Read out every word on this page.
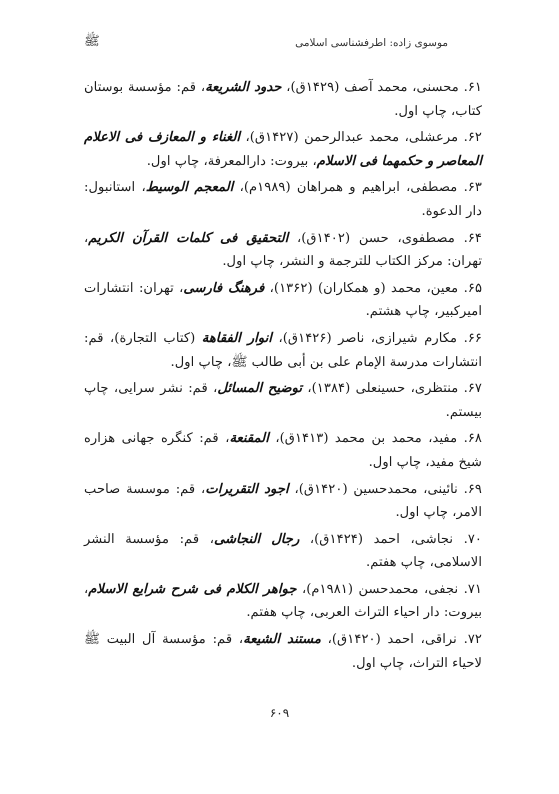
موسوی زاده: اطرفشناسی اسلامی
ﷺ

۶۱. محسنی، محمد آصف (۱۴۲۹ق)، حدود الشریعة، قم: مؤسسة بوستان کتاب، چاپ اول.

۶۲. مرعشلی، محمد عبدالرحمن (۱۴۲۷ق)، الغناء و المعازف فی الاعلام المعاصر و حکمهما فی الاسلام، بیروت: دارالمعرفة، چاپ اول.

۶۳. مصطفی، ابراهیم و همراهان (۱۹۸۹م)، المعجم الوسیط، استانبول: دار الدعوة.

۶۴. مصطفوی، حسن (۱۴۰۲ق)، التحقیق فی کلمات القرآن الکریم، تهران: مرکز الکتاب للترجمة و النشر، چاپ اول.

۶۵. معین، محمد (و همکاران) (۱۳۶۲)، فرهنگ فارسی، تهران: انتشارات امیرکبیر، چاپ هشتم.

۶۶. مکارم شیرازی، ناصر (۱۴۲۶ق)، انوار الفقاهة (کتاب التجارة)، قم: انتشارات مدرسة الإمام علی بن أبی طالب ﷺ، چاپ اول.

۶۷. منتظری، حسینعلی (۱۳۸۴)، توضیح المسائل، قم: نشر سرایی، چاپ بیستم.

۶۸. مفید، محمد بن محمد (۱۴۱۳ق)، المقنعة، قم: کنگره جهانی هزاره شیخ مفید، چاپ اول.

۶۹. نائینی، محمدحسین (۱۴۲۰ق)، اجود التقریرات، قم: موسسة صاحب الامر، چاپ اول.

۷۰. نجاشی، احمد (۱۴۲۴ق)، رجال النجاشی، قم: مؤسسة النشر الاسلامی، چاپ هفتم.

۷۱. نجفی، محمدحسن (۱۹۸۱م)، جواهر الکلام فی شرح شرایع الاسلام، بیروت: دار احیاء التراث العربی، چاپ هفتم.

۷۲. نراقی، احمد (۱۴۲۰ق)، مستند الشیعة، قم: مؤسسة آل البیت ﷺ لاحیاء التراث، چاپ اول.

۶۰۹
